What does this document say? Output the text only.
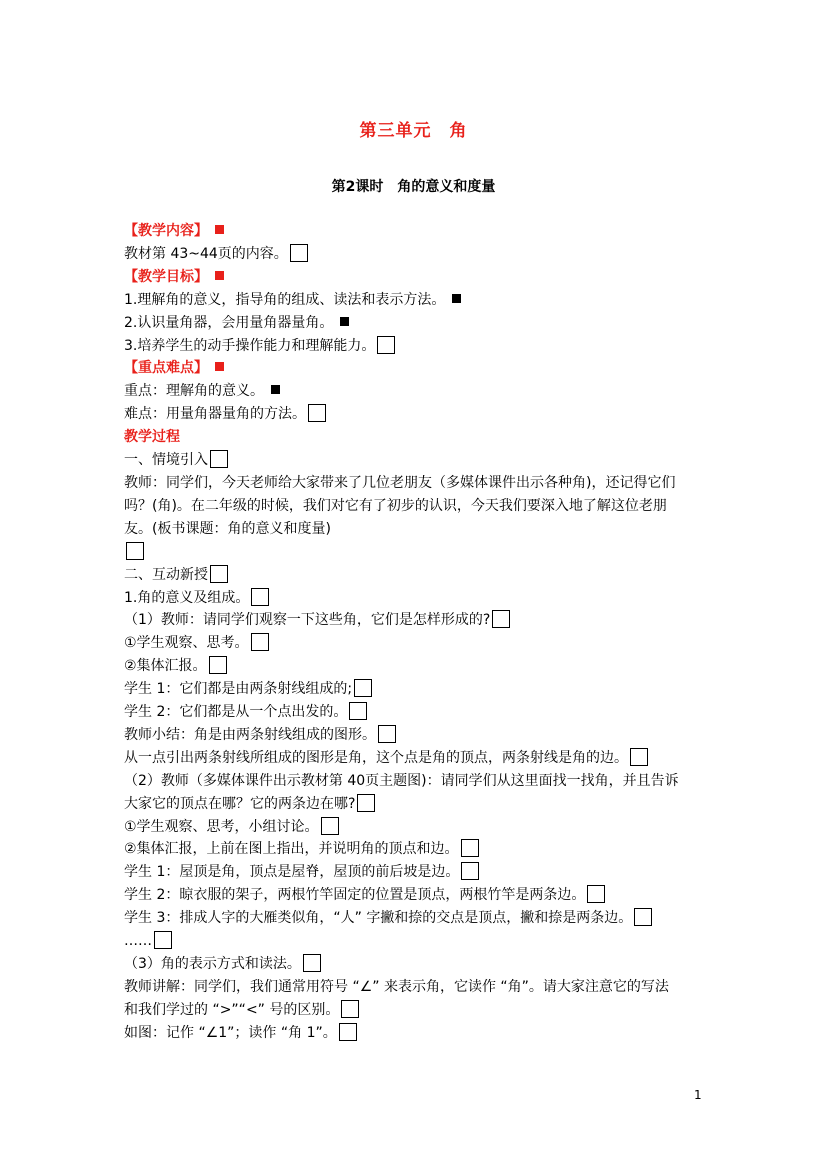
第三单元　角
第2课时　角的意义和度量
【教学内容】
教材第 43~44页的内容。
【教学目标】
1.理解角的意义，指导角的组成、读法和表示方法。
2.认识量角器，会用量角器量角。
3.培养学生的动手操作能力和理解能力。
【重点难点】
重点：理解角的意义。
难点：用量角器量角的方法。
教学过程
一、情境引入
教师：同学们，今天老师给大家带来了几位老朋友（多媒体课件出示各种角)，还记得它们
吗？(角)。在二年级的时候，我们对它有了初步的认识，今天我们要深入地了解这位老朋
友。(板书课题：角的意义和度量)
二、互动新授
1.角的意义及组成。
（1）教师：请同学们观察一下这些角，它们是怎样形成的?
①学生观察、思考。
②集体汇报。
学生 1：它们都是由两条射线组成的;
学生 2：它们都是从一个点出发的。
教师小结：角是由两条射线组成的图形。
从一点引出两条射线所组成的图形是角，这个点是角的顶点，两条射线是角的边。
（2）教师（多媒体课件出示教材第 40页主题图)：请同学们从这里面找一找角，并且告诉
大家它的顶点在哪？它的两条边在哪?
①学生观察、思考，小组讨论。
②集体汇报，上前在图上指出，并说明角的顶点和边。
学生 1：屋顶是角，顶点是屋脊，屋顶的前后坡是边。
学生 2：晾衣服的架子，两根竹竿固定的位置是顶点，两根竹竿是两条边。
学生 3：排成人字的大雁类似角，“人” 字撇和捺的交点是顶点，撇和捺是两条边。
……
（3）角的表示方式和读法。
教师讲解：同学们，我们通常用符号 “∠” 来表示角，它读作 “角”。请大家注意它的写法
和我们学过的 “>”“<” 号的区别。
如图：记作 “∠1”；读作 “角 1”。
1
